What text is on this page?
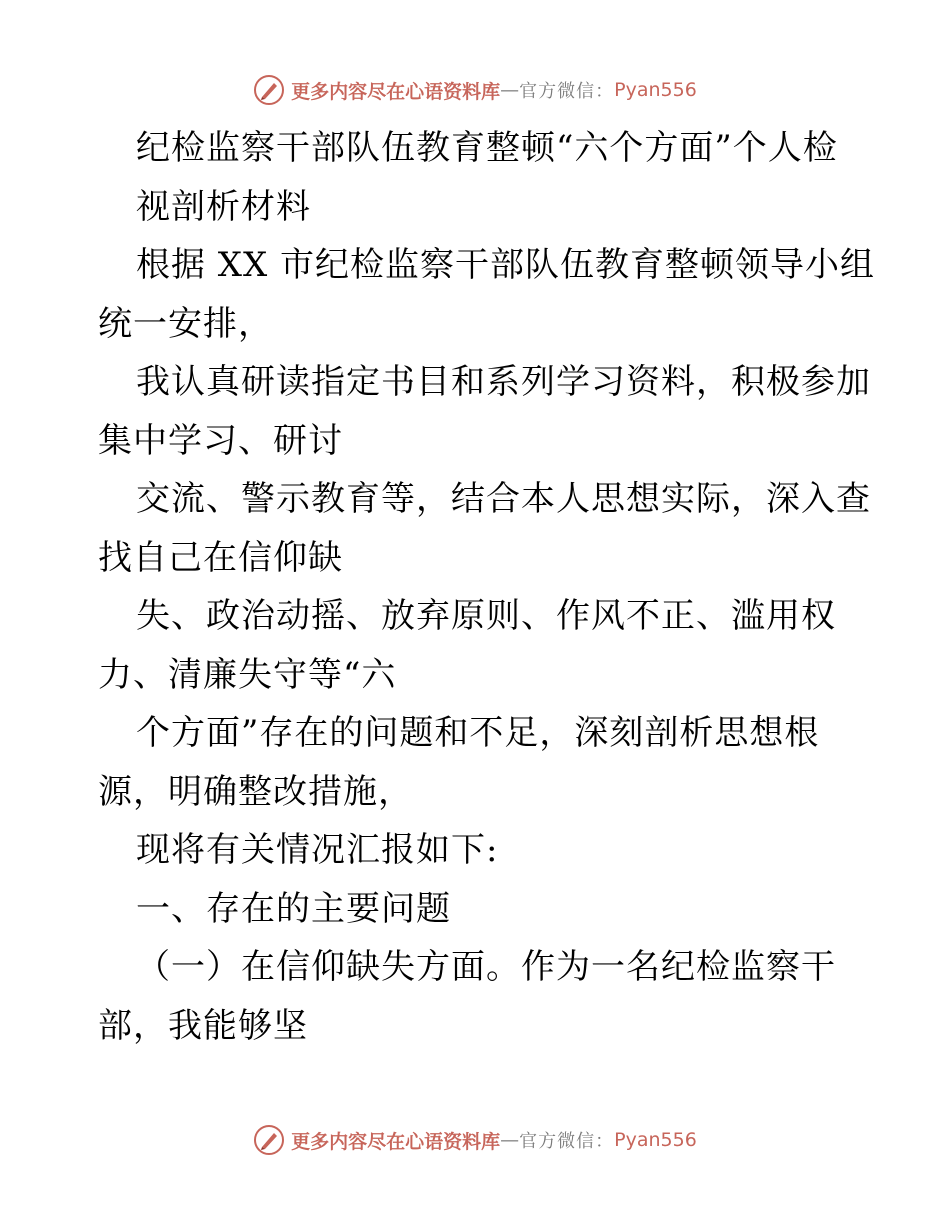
更多内容尽在心语资料库 — 官方微信： Pyan556
纪检监察干部队伍教育整顿“六个方面”个人检
视剖析材料
根据 XX 市纪检监察干部队伍教育整顿领导小组
统一安排，
我认真研读指定书目和系列学习资料，积极参加
集中学习、研讨
交流、警示教育等，结合本人思想实际，深入查
找自己在信仰缺
失、政治动摇、放弃原则、作风不正、滥用权
力、清廉失守等“六
个方面”存在的问题和不足，深刻剖析思想根
源，明确整改措施，
现将有关情况汇报如下:
一、存在的主要问题
（一）在信仰缺失方面。作为一名纪检监察干
部，我能够坚
更多内容尽在心语资料库 — 官方微信： Pyan556
